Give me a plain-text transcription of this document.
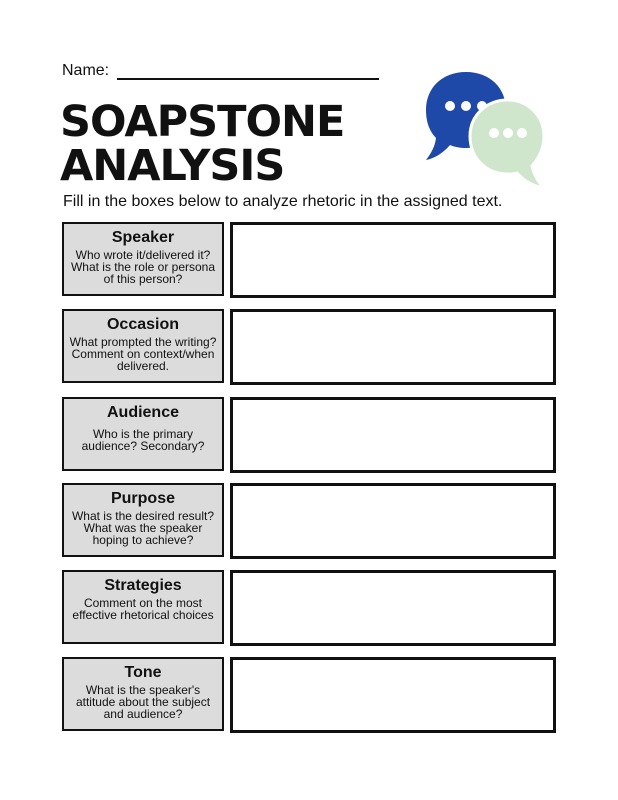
Name:
SOAPSTONE
ANALYSIS
Fill in the boxes below to analyze rhetoric in the assigned text.
Speaker
Who wrote it/delivered it? What is the role or persona of this person?
Occasion
What prompted the writing? Comment on context/when delivered.
Audience
Who is the primary audience? Secondary?
Purpose
What is the desired result? What was the speaker hoping to achieve?
Strategies
Comment on the most effective rhetorical choices
Tone
What is the speaker's attitude about the subject and audience?
